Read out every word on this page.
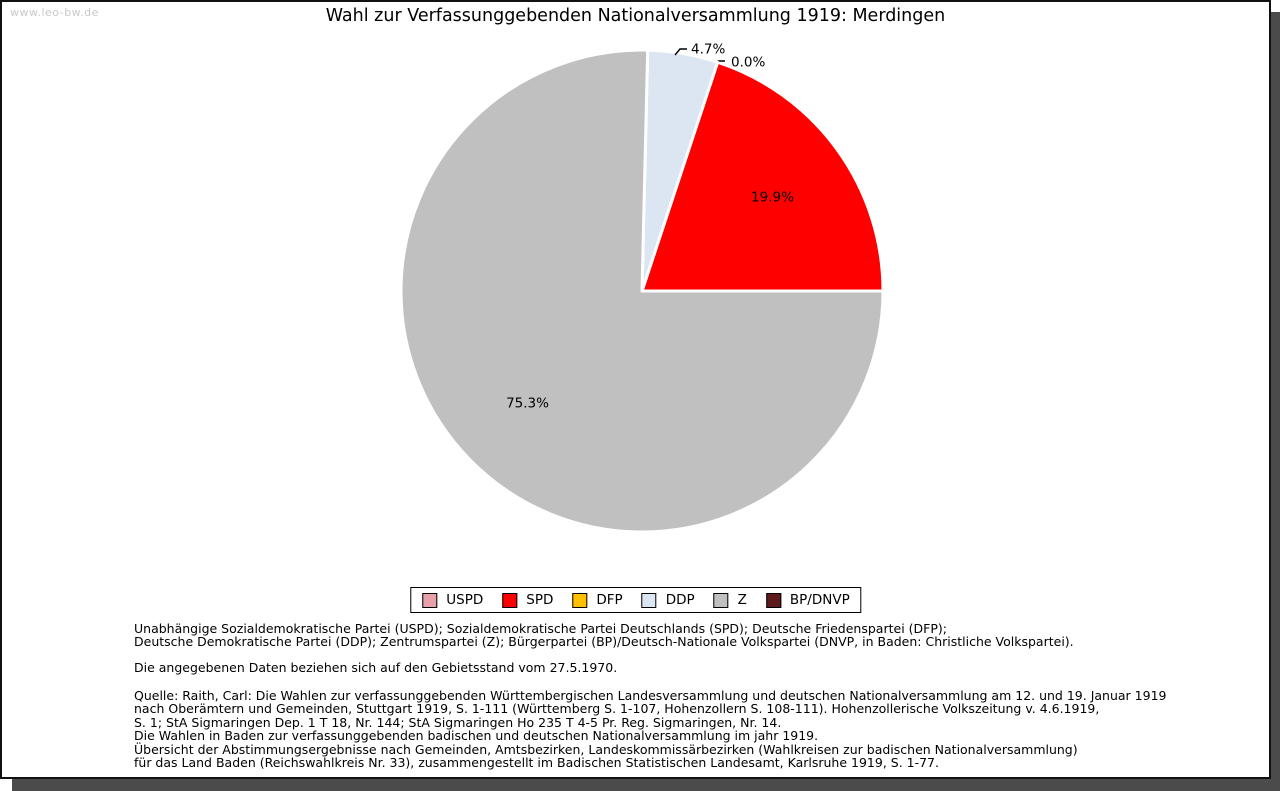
www.leo-bw.de	Wahl zur Verfassunggebenden Nationalversammlung 1919: Merdingen
19.9%
0.0%
4.7%
75.3%
USPD	SPD	DFP	DDP	Z	BP/DNVP
Unabhängige Sozialdemokratische Partei (USPD); Sozialdemokratische Partei Deutschlands (SPD); Deutsche Friedenspartei (DFP);
Deutsche Demokratische Partei (DDP); Zentrumspartei (Z); Bürgerpartei (BP)/Deutsch-Nationale Volkspartei (DNVP, in Baden: Christliche Volkspartei).
Die angegebenen Daten beziehen sich auf den Gebietsstand vom 27.5.1970.
Quelle: Raith, Carl: Die Wahlen zur verfassunggebenden Württembergischen Landesversammlung und deutschen Nationalversammlung am 12. und 19. Januar 1919
nach Oberämtern und Gemeinden, Stuttgart 1919, S. 1-111 (Württemberg S. 1-107, Hohenzollern S. 108-111). Hohenzollerische Volkszeitung v. 4.6.1919,
S. 1; StA Sigmaringen Dep. 1 T 18, Nr. 144; StA Sigmaringen Ho 235 T 4-5 Pr. Reg. Sigmaringen, Nr. 14.
Die Wahlen in Baden zur verfassunggebenden badischen und deutschen Nationalversammlung im jahr 1919.
Übersicht der Abstimmungsergebnisse nach Gemeinden, Amtsbezirken, Landeskommissärbezirken (Wahlkreisen zur badischen Nationalversammlung)
für das Land Baden (Reichswahlkreis Nr. 33), zusammengestellt im Badischen Statistischen Landesamt, Karlsruhe 1919, S. 1-77.
